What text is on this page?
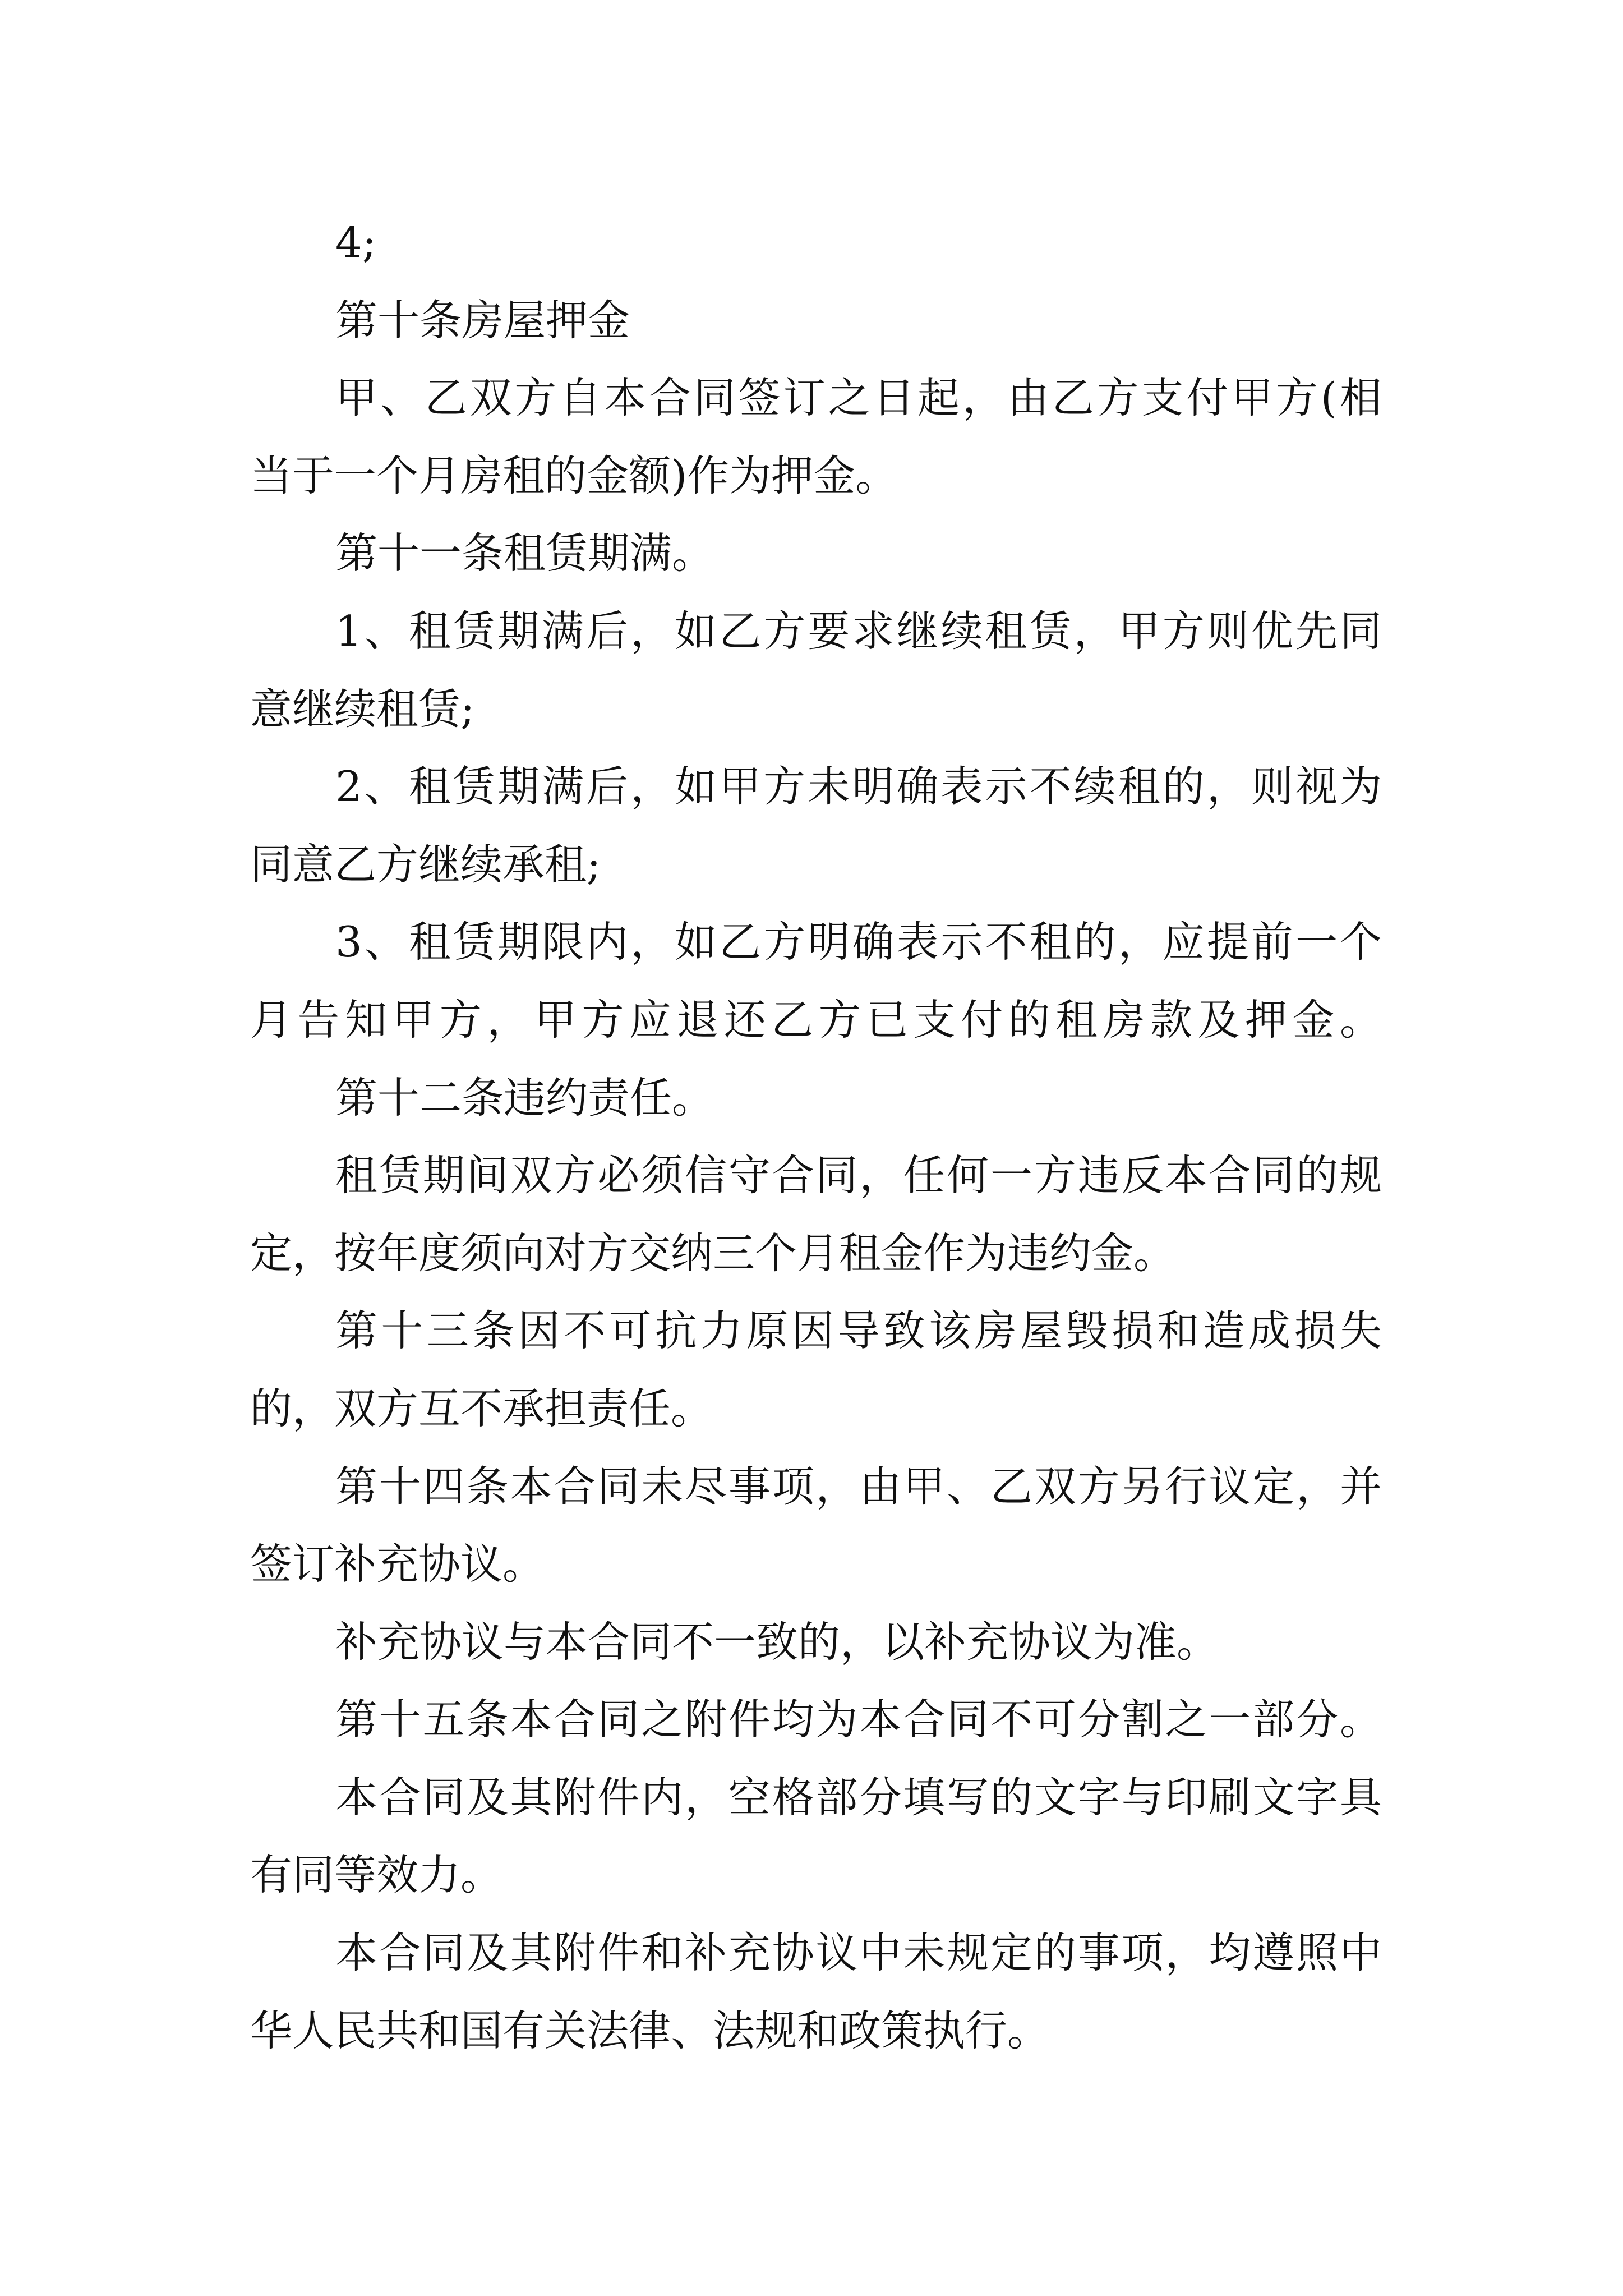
4;

第十条房屋押金

甲、乙双方自本合同签订之日起，由乙方支付甲方(相
当于一个月房租的金额)作为押金。

第十一条租赁期满。

1、租赁期满后，如乙方要求继续租赁，甲方则优先同
意继续租赁;

2、租赁期满后，如甲方未明确表示不续租的，则视为
同意乙方继续承租;

3、租赁期限内，如乙方明确表示不租的，应提前一个
月告知甲方，甲方应退还乙方已支付的租房款及押金。

第十二条违约责任。

租赁期间双方必须信守合同，任何一方违反本合同的规
定，按年度须向对方交纳三个月租金作为违约金。

第十三条因不可抗力原因导致该房屋毁损和造成损失
的，双方互不承担责任。

第十四条本合同未尽事项，由甲、乙双方另行议定，并
签订补充协议。

补充协议与本合同不一致的，以补充协议为准。

第十五条本合同之附件均为本合同不可分割之一部分。

本合同及其附件内，空格部分填写的文字与印刷文字具
有同等效力。

本合同及其附件和补充协议中未规定的事项，均遵照中
华人民共和国有关法律、法规和政策执行。
